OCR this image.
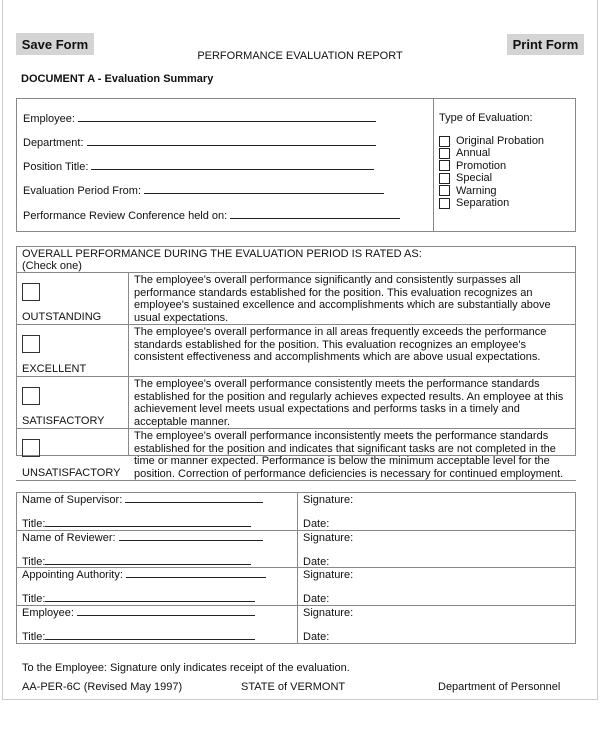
Save Form	Print Form
PERFORMANCE EVALUATION REPORT
DOCUMENT A - Evaluation Summary
Employee:
Department:
Position Title:
Evaluation Period From:
Performance Review Conference held on:
Type of Evaluation:
Original Probation
Annual
Promotion
Special
Warning
Separation
OVERALL PERFORMANCE DURING THE EVALUATION PERIOD IS RATED AS:
(Check one)
OUTSTANDING
The employee's overall performance significantly and consistently surpasses all performance standards established for the position. This evaluation recognizes an employee's sustained excellence and accomplishments which are substantially above usual expectations.
EXCELLENT
The employee's overall performance in all areas frequently exceeds the performance standards established for the position. This evaluation recognizes an employee's consistent effectiveness and accomplishments which are above usual expectations.
SATISFACTORY
The employee's overall performance consistently meets the performance standards established for the position and regularly achieves expected results. An employee at this achievement level meets usual expectations and performs tasks in a timely and acceptable manner.
UNSATISFACTORY
The employee's overall performance inconsistently meets the performance standards established for the position and indicates that significant tasks are not completed in the time or manner expected. Performance is below the minimum acceptable level for the position. Correction of performance deficiencies is necessary for continued employment.
Name of Supervisor:
Title:
Signature:
Date:
Name of Reviewer:
Title:
Signature:
Date:
Appointing Authority:
Title:
Signature:
Date:
Employee:
Title:
Signature:
Date:
To the Employee: Signature only indicates receipt of the evaluation.
AA-PER-6C (Revised May 1997)	STATE of VERMONT	Department of Personnel
